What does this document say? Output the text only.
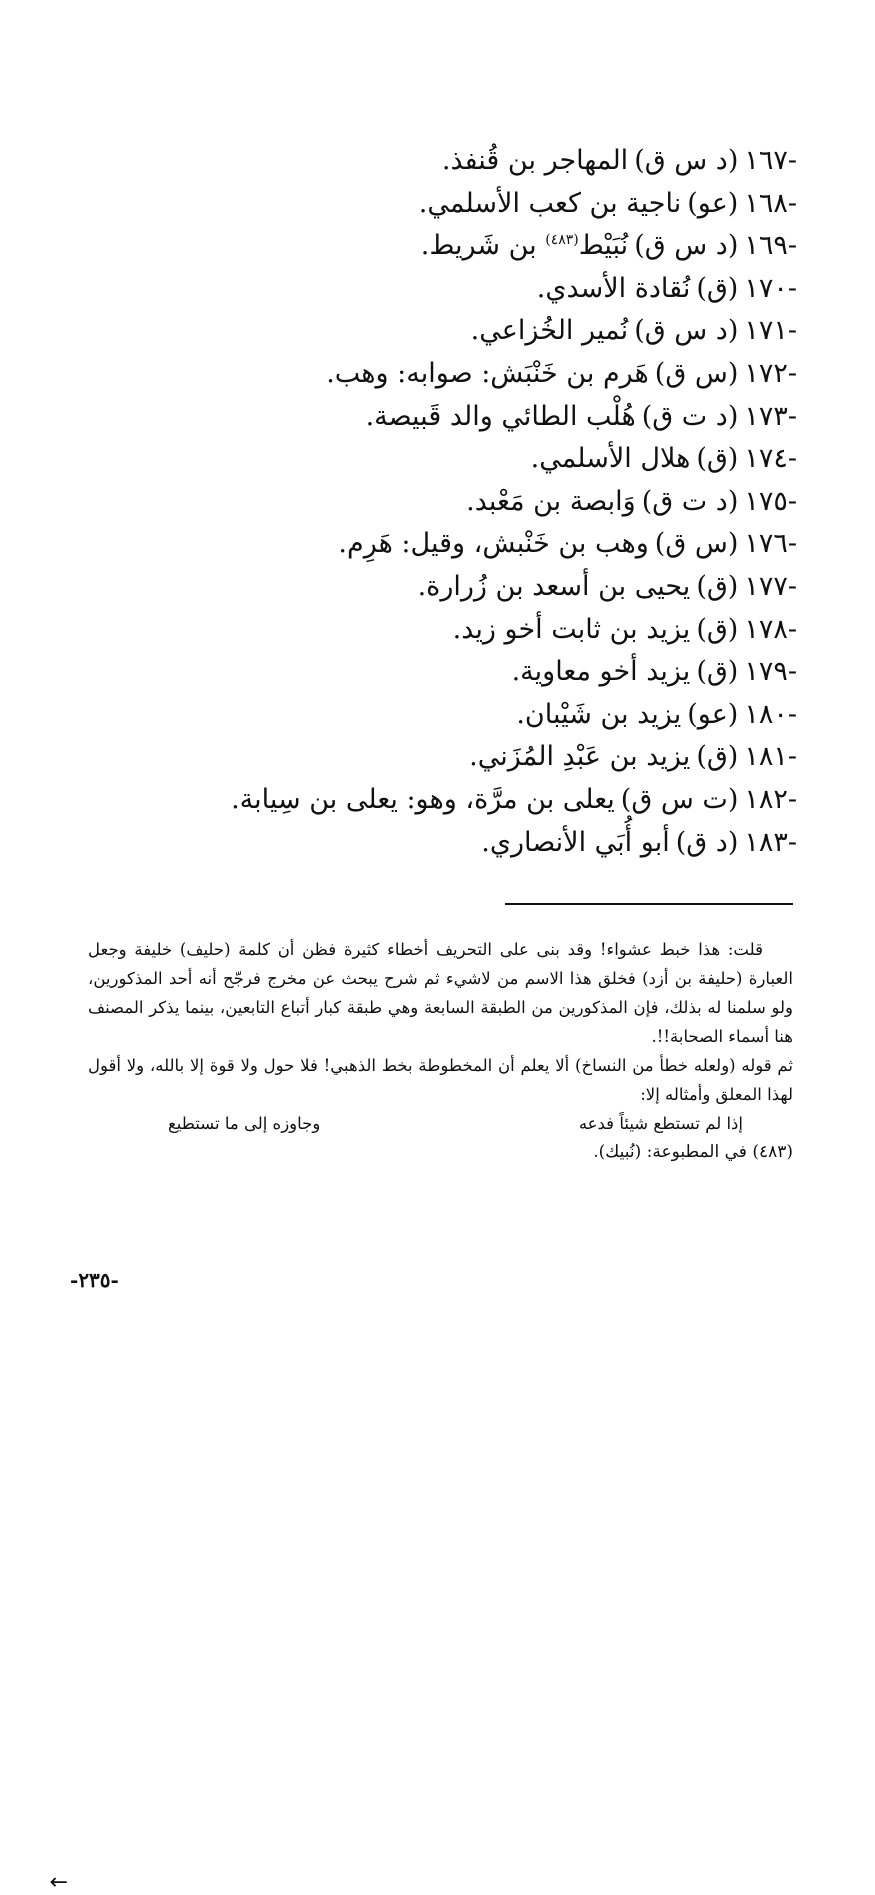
-١٦٧(د س ق)المهاجر بن قُنفذ.
-١٦٨(عو)ناجية بن كعب الأسلمي.
-١٦٩(د س ق)نُبَيْط$^{(٤٨٣)}$ بن شَريط.
-١٧٠(ق)نُقادة الأسدي.
-١٧١(د س ق)نُمير الخُزاعي.
-١٧٢(س ق)هَرم بن خَنْبَش: صوابه: وهب.
-١٧٣(د ت ق)هُلْب الطائي والد قَبيصة.
-١٧٤(ق)هلال الأسلمي.
-١٧٥(د ت ق)وَابصة بن مَعْبد.
-١٧٦(س ق)وهب بن خَنْبش، وقيل: هَرِم.
-١٧٧(ق)يحيى بن أسعد بن زُرارة.
-١٧٨(ق)يزيد بن ثابت أخو زيد.
-١٧٩(ق)يزيد أخو معاوية.
-١٨٠(عو)يزيد بن شَيْبان.
-١٨١(ق)يزيد بن عَبْدِ المُزَني.
-١٨٢(ت س ق)يعلى بن مرَّة، وهو: يعلى بن سِيابة.
-١٨٣(د ق)أبو أُبَي الأنصاري.
←

قلت: هذا خبط عشواء! وقد بنى على التحريف أخطاء كثيرة فظن أن كلمة (حليف) خليفة وجعل العبارة (حليفة بن أزد) فخلق هذا الاسم من لاشيء ثم شرح يبحث عن مخرج فرجّح أنه أحد المذكورين، ولو سلمنا له بذلك، فإن المذكورين من الطبقة السابعة وهي طبقة كبار أتباع التابعين، بينما يذكر المصنف هنا أسماء الصحابة!!.

ثم قوله (ولعله خطأ من النساخ) ألا يعلم أن المخطوطة بخط الذهبي! فلا حول ولا قوة إلا بالله، ولا أقول لهذا المعلق وأمثاله إلا:

إذا لم تستطع شيئاً فدعه
وجاوزه إلى ما تستطيع

(٤٨٣) في المطبوعة: (نُبيك).

-٢٣٥-
